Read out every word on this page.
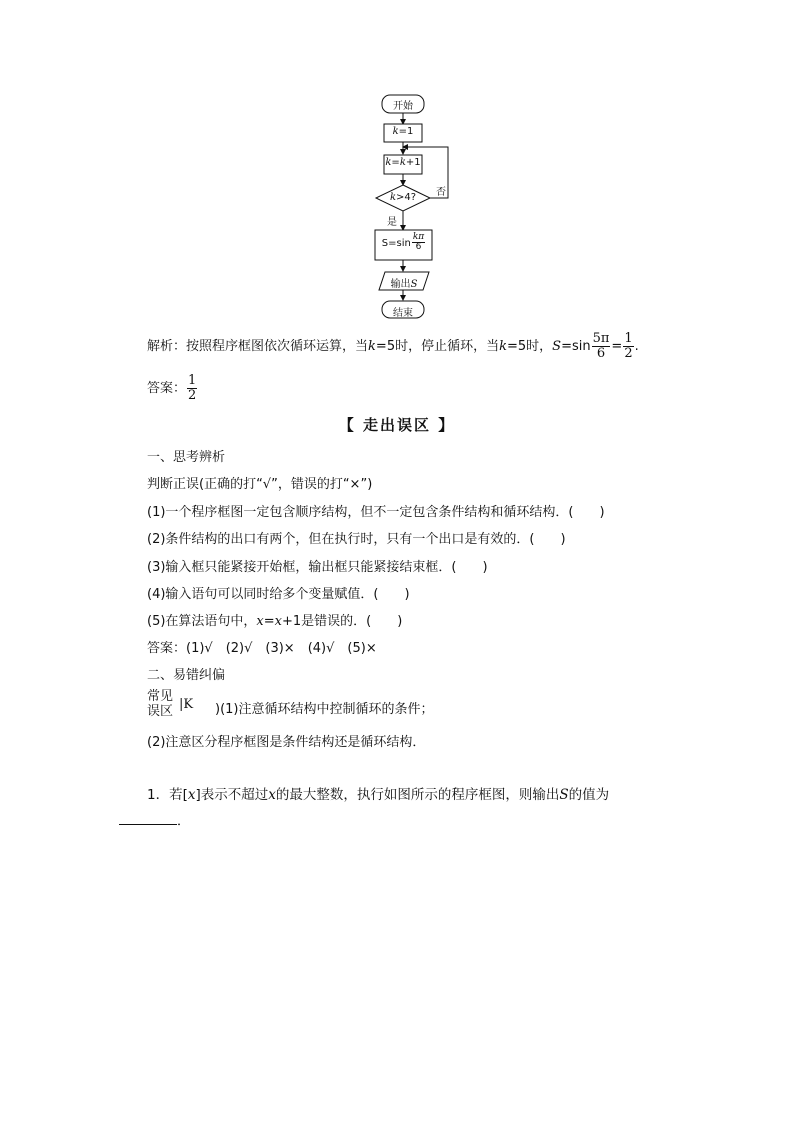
开始
k=1
k=k+1
k>4?	否
是
$S=\sin \frac{k\pi}{6}$
输出S
结束
解析：按照程序框图依次循环运算，当k=5时，停止循环，当k=5时，$S=\sin \frac{5\pi}{6} = \frac{1}{2}$ .
答案： $\frac{1}{2}$
【 走出误区 】
一、思考辨析
判断正误(正确的打“√”，错误的打“×”)
(1)一个程序框图一定包含顺序结构，但不一定包含条件结构和循环结构．(　　)
(2)条件结构的出口有两个，但在执行时，只有一个出口是有效的．(　　)
(3)输入框只能紧接开始框，输出框只能紧接结束框．(　　)
(4)输入语句可以同时给多个变量赋值．(　　)
(5)在算法语句中，x=x+1是错误的．(　　)
答案：(1)√　(2)√　(3)×　(4)√　(5)×
二、易错纠偏
常见
误区 |K )(1)注意循环结构中控制循环的条件；
(2)注意区分程序框图是条件结构还是循环结构．
1．若[x]表示不超过x的最大整数，执行如图所示的程序框图，则输出S的值为
．
